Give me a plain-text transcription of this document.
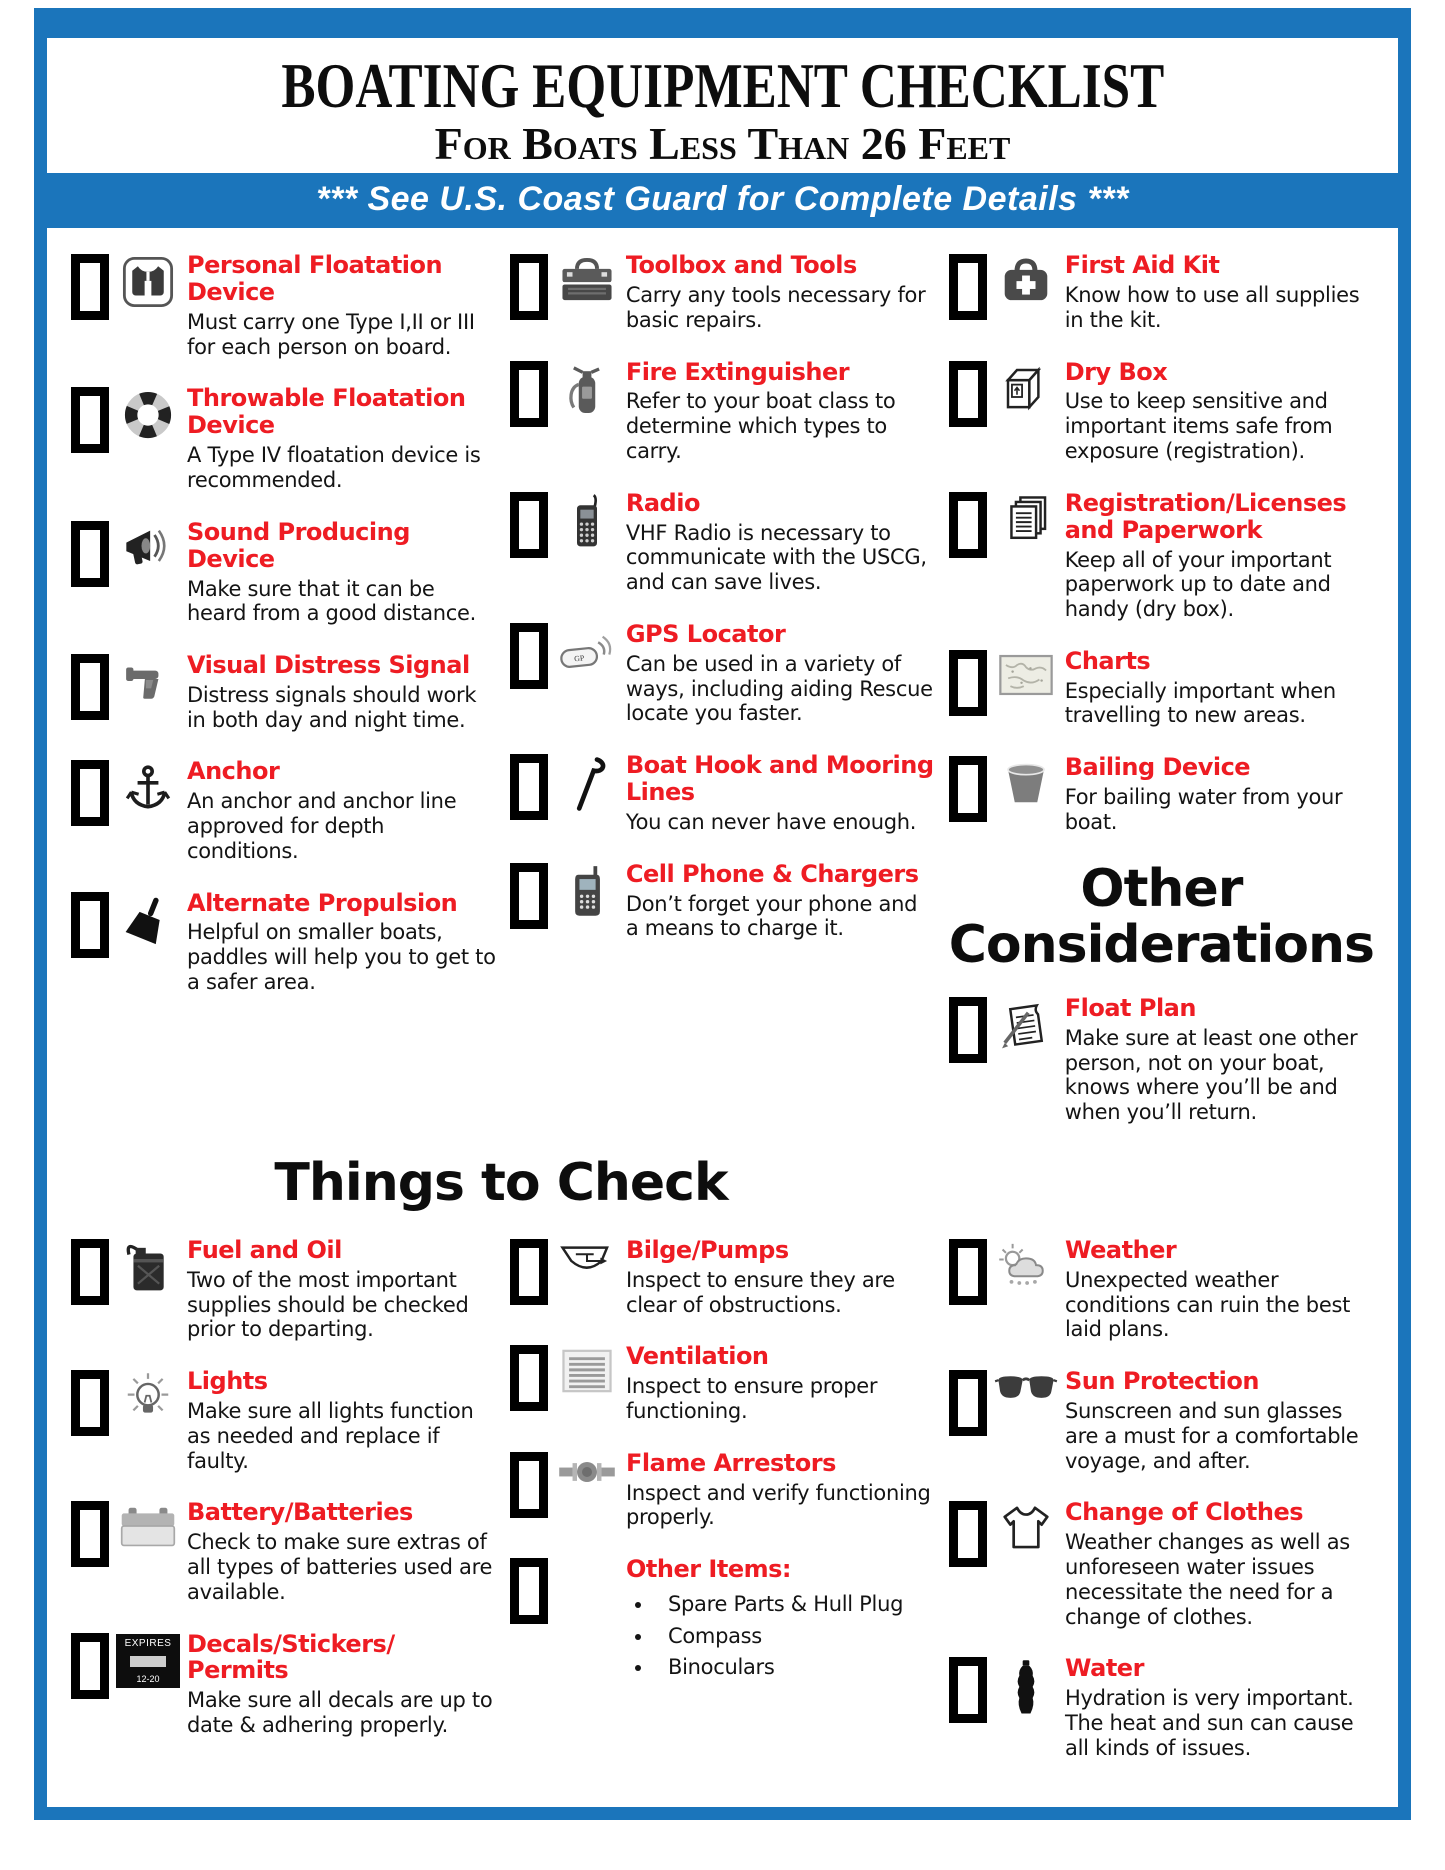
BOATING EQUIPMENT CHECKLIST
For Boats Less Than 26 Feet
*** See U.S. Coast Guard for Complete Details ***
Personal Floatation Device
Must carry one Type I,II or III for each person on board.
Throwable Floatation Device
A Type IV floatation device is recommended.
Sound Producing Device
Make sure that it can be heard from a good distance.
Visual Distress Signal
Distress signals should work in both day and night time.
Anchor
An anchor and anchor line approved for depth conditions.
Alternate Propulsion
Helpful on smaller boats, paddles will help you to get to a safer area.
Toolbox and Tools
Carry any tools necessary for basic repairs.
Fire Extinguisher
Refer to your boat class to determine which types to carry.
Radio
VHF Radio is necessary to communicate with the USCG, and can save lives.
GP
GPS Locator
Can be used in a variety of ways, including aiding Rescue locate you faster.
Boat Hook and Mooring Lines
You can never have enough.
Cell Phone & Chargers
Don’t forget your phone and a means to charge it.
First Aid Kit
Know how to use all supplies in the kit.
Dry Box
Use to keep sensitive and important items safe from exposure (registration).
Registration/Licenses and Paperwork
Keep all of your important paperwork up to date and handy (dry box).
Charts
Especially important when travelling to new areas.
Bailing Device
For bailing water from your boat.
Other Considerations
Float Plan
Make sure at least one other person, not on your boat, knows where you’ll be and when you’ll return.
Things to Check
Fuel and Oil
Two of the most important supplies should be checked prior to departing.
Lights
Make sure all lights function as needed and replace if faulty.
Battery/Batteries
Check to make sure extras of all types of batteries used are available.
EXPIRES
12-20
Decals/Stickers/ Permits
Make sure all decals are up to date & adhering properly.
Bilge/Pumps
Inspect to ensure they are clear of obstructions.
Ventilation
Inspect to ensure proper functioning.
Flame Arrestors
Inspect and verify functioning properly.
Other Items:
• Spare Parts & Hull Plug
• Compass
• Binoculars
Weather
Unexpected weather conditions can ruin the best laid plans.
Sun Protection
Sunscreen and sun glasses are a must for a comfortable voyage, and after.
Change of Clothes
Weather changes as well as unforeseen water issues necessitate the need for a change of clothes.
Water
Hydration is very important. The heat and sun can cause all kinds of issues.
